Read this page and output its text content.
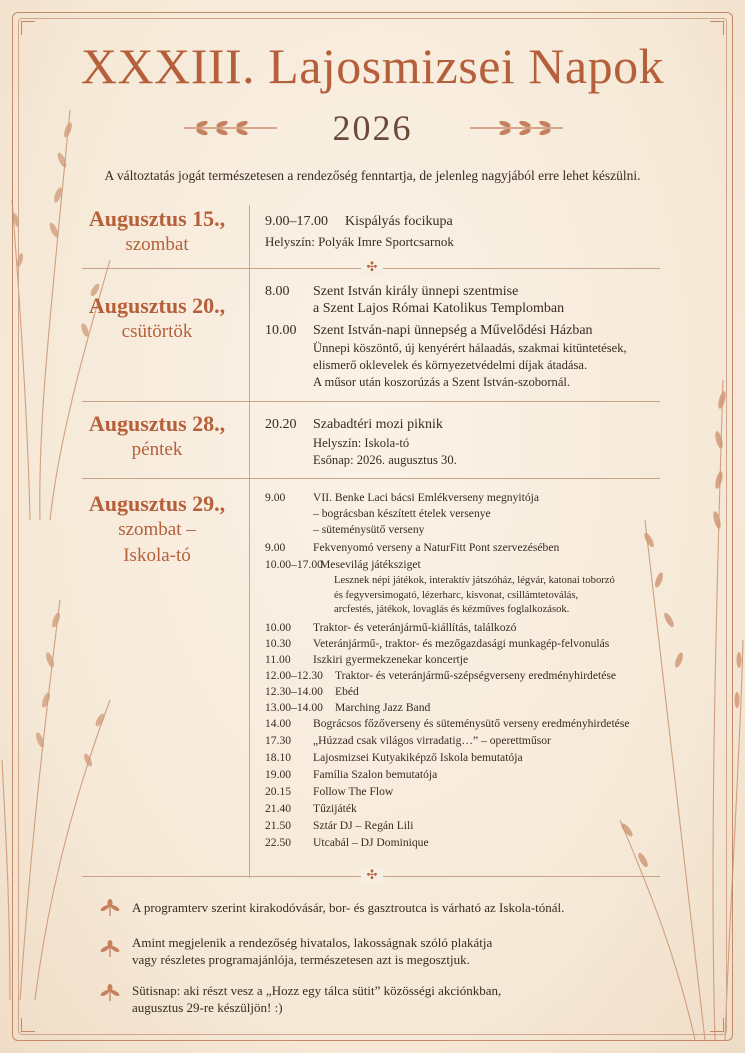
XXXIII. Lajosmizsei Napok
2026
A változtatás jogát természetesen a rendezőség fenntartja, de jelenleg nagyjából erre lehet készülni.
Augusztus 15.,
szombat
9.00–17.00 Kispályás focikupa
Helyszín: Polyák Imre Sportcsarnok
✣
Augusztus 20.,
csütörtök
8.00 Szent István király ünnepi szentmise
a Szent Lajos Római Katolikus Templomban
10.00 Szent István-napi ünnepség a Művelődési Házban
Ünnepi köszöntő, új kenyérért hálaadás, szakmai kitüntetések,
elismerő oklevelek és környezetvédelmi díjak átadása.
A műsor után koszorúzás a Szent István-szobornál.
Augusztus 28.,
péntek
20.20 Szabadtéri mozi piknik
Helyszín: Iskola-tó
Esőnap: 2026. augusztus 30.
Augusztus 29.,
szombat –
Iskola-tó
9.00 VII. Benke Laci bácsi Emlékverseny megnyitója
– bográcsban készített ételek versenye
– süteménysütő verseny
9.00 Fekvenyomó verseny a NaturFitt Pont szervezésében
10.00–17.00
Mesevilág játéksziget
Lesznek népi játékok, interaktív játszóház, légvár, katonai toborzó
és fegyversimogató, lézerharc, kisvonat, csillámtetoválás,
arcfestés, játékok, lovaglás és kézműves foglalkozások.
10.00 Traktor- és veteránjármű-kiállítás, találkozó
10.30 Veteránjármű-, traktor- és mezőgazdasági munkagép-felvonulás
11.00 Iszkiri gyermekzenekar koncertje
12.00–12.30 Traktor- és veteránjármű-szépségverseny eredményhirdetése
12.30–14.00 Ebéd
13.00–14.00 Marching Jazz Band
14.00 Bográcsos főzőverseny és süteménysütő verseny eredményhirdetése
17.30 „Húzzad csak világos virradatig…” – operettműsor
18.10 Lajosmizsei Kutyakiképző Iskola bemutatója
19.00 Família Szalon bemutatója
20.15 Follow The Flow
21.40 Tűzijáték
21.50 Sztár DJ – Regán Lili
22.50 Utcabál – DJ Dominique
✣
A programterv szerint kirakodóvásár, bor- és gasztroutca is várható az Iskola-tónál.
Amint megjelenik a rendezőség hivatalos, lakosságnak szóló plakátja
vagy részletes programajánlója, természetesen azt is megosztjuk.
Sütisnap: aki részt vesz a „Hozz egy tálca sütit” közösségi akciónkban,
augusztus 29-re készüljön! :)
